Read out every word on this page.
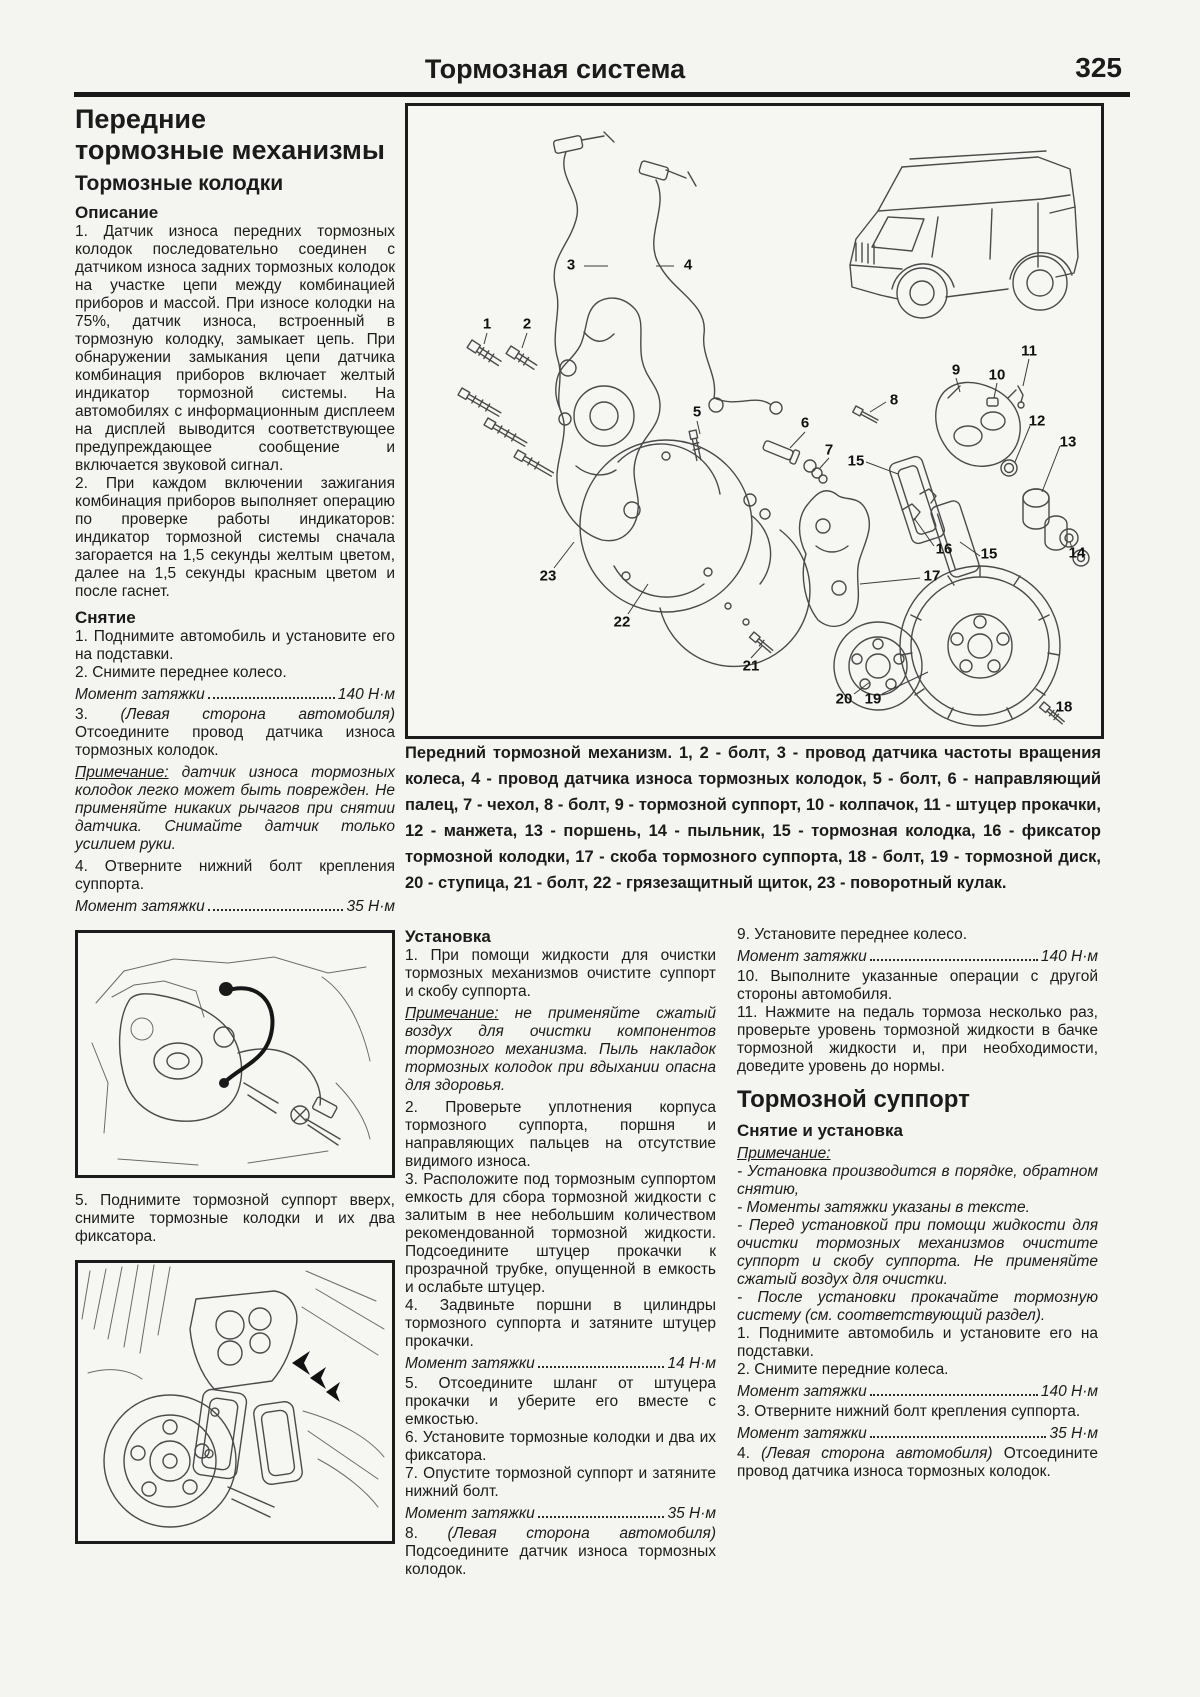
Тормозная система	325
Передние
тормозные механизмы
Тормозные колодки
Описание

1. Датчик износа передних тормозных колодок последовательно соединен с датчиком износа задних тормозных колодок на участке цепи между комбинацией приборов и массой. При износе колодки на 75%, датчик износа, встроенный в тормозную колодку, замыкает цепь. При обнаружении замыкания цепи датчика комбинация приборов включает желтый индикатор тормозной системы. На автомобилях с информационным дисплеем на дисплей выводится соответствующее предупреждающее сообщение и включается звуковой сигнал.

2. При каждом включении зажигания комбинация приборов выполняет операцию по проверке работы индикаторов: индикатор тормозной системы сначала загорается на 1,5 секунды желтым цветом, далее на 1,5 секунды красным цветом и после гаснет.

Снятие

1. Поднимите автомобиль и установите его на подставки.

2. Снимите переднее колесо.

Момент затяжки	140 Н·м

3. (Левая сторона автомобиля) Отсоедините провод датчика износа тормозных колодок.

Примечание: датчик износа тормозных колодок легко может быть поврежден. Не применяйте никаких рычагов при снятии датчика. Снимайте датчик только усилием руки.

4. Отверните нижний болт крепления суппорта.

Момент затяжки	35 Н·м

5. Поднимите тормозной суппорт вверх, снимите тормозные колодки и их два фиксатора.

1 2
3	4
5
6
7
8
9 10
11
12
13
14
15
15
16
17
18
19
20
21
22
23
Передний тормозной механизм. 1, 2 - болт, 3 - провод датчика частоты вращения колеса, 4 - провод датчика износа тормозных колодок, 5 - болт, 6 - направляющий палец, 7 - чехол, 8 - болт, 9 - тормозной суппорт, 10 - колпачок, 11 - штуцер прокачки, 12 - манжета, 13 - поршень, 14 - пыльник, 15 - тормозная колодка, 16 - фиксатор тормозной колодки, 17 - скоба тормозного суппорта, 18 - болт, 19 - тормозной диск, 20 - ступица, 21 - болт, 22 - грязезащитный щиток, 23 - поворотный кулак.
Установка

1. При помощи жидкости для очистки тормозных механизмов очистите суппорт и скобу суппорта.

Примечание: не применяйте сжатый воздух для очистки компонентов тормозного механизма. Пыль накладок тормозных колодок при вдыхании опасна для здоровья.

2. Проверьте уплотнения корпуса тормозного суппорта, поршня и направляющих пальцев на отсутствие видимого износа.

3. Расположите под тормозным суппортом емкость для сбора тормозной жидкости с залитым в нее небольшим количеством рекомендованной тормозной жидкости. Подсоедините штуцер прокачки к прозрачной трубке, опущенной в емкость и ослабьте штуцер.

4. Задвиньте поршни в цилиндры тормозного суппорта и затяните штуцер прокачки.

Момент затяжки	14 Н·м

5. Отсоедините шланг от штуцера прокачки и уберите его вместе с емкостью.

6. Установите тормозные колодки и два их фиксатора.

7. Опустите тормозной суппорт и затяните нижний болт.

Момент затяжки	35 Н·м

8. (Левая сторона автомобиля) Подсоедините датчик износа тормозных колодок.

9. Установите переднее колесо.

Момент затяжки	140 Н·м

10. Выполните указанные операции с другой стороны автомобиля.

11. Нажмите на педаль тормоза несколько раз, проверьте уровень тормозной жидкости в бачке тормозной жидкости и, при необходимости, доведите уровень до нормы.

Тормозной суппорт
Снятие и установка

Примечание:

- Установка производится в порядке, обратном снятию,

- Моменты затяжки указаны в тексте.

- Перед установкой при помощи жидкости для очистки тормозных механизмов очистите суппорт и скобу суппорта. Не применяйте сжатый воздух для очистки.

- После установки прокачайте тормозную систему (см. соответствующий раздел).

1. Поднимите автомобиль и установите его на подставки.

2. Снимите передние колеса.

Момент затяжки	140 Н·м

3. Отверните нижний болт крепления суппорта.

Момент затяжки	35 Н·м

4. (Левая сторона автомобиля) Отсоедините провод датчика износа тормозных колодок.
